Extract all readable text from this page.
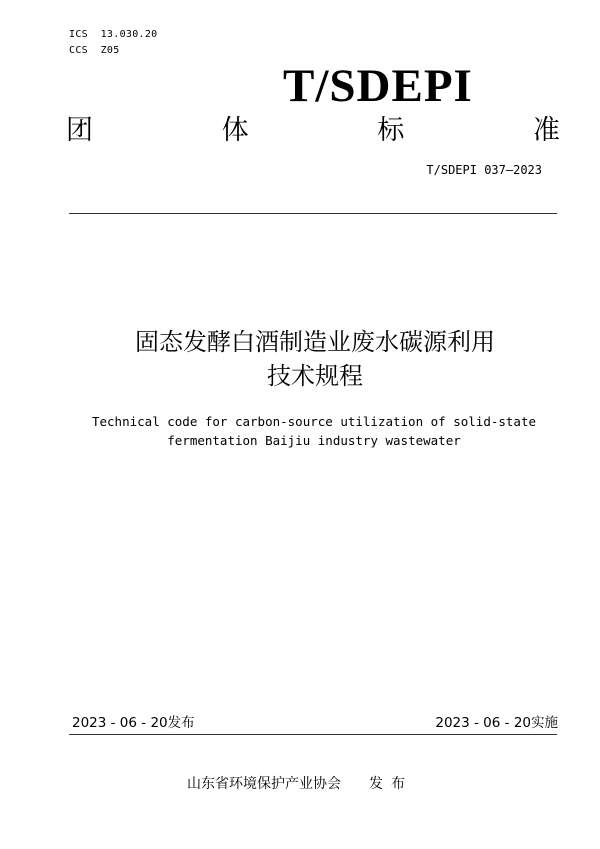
ICS  13.030.20
CCS  Z05
T/SDEPI
团	体	标	准
T/SDEPI 037—2023
固态发酵白酒制造业废水碳源利用
技术规程
Technical code for carbon-source utilization of solid-state
fermentation Baijiu industry wastewater
2023 - 06 - 20发布	2023 - 06 - 20实施
山东省环境保护产业协会 发布
